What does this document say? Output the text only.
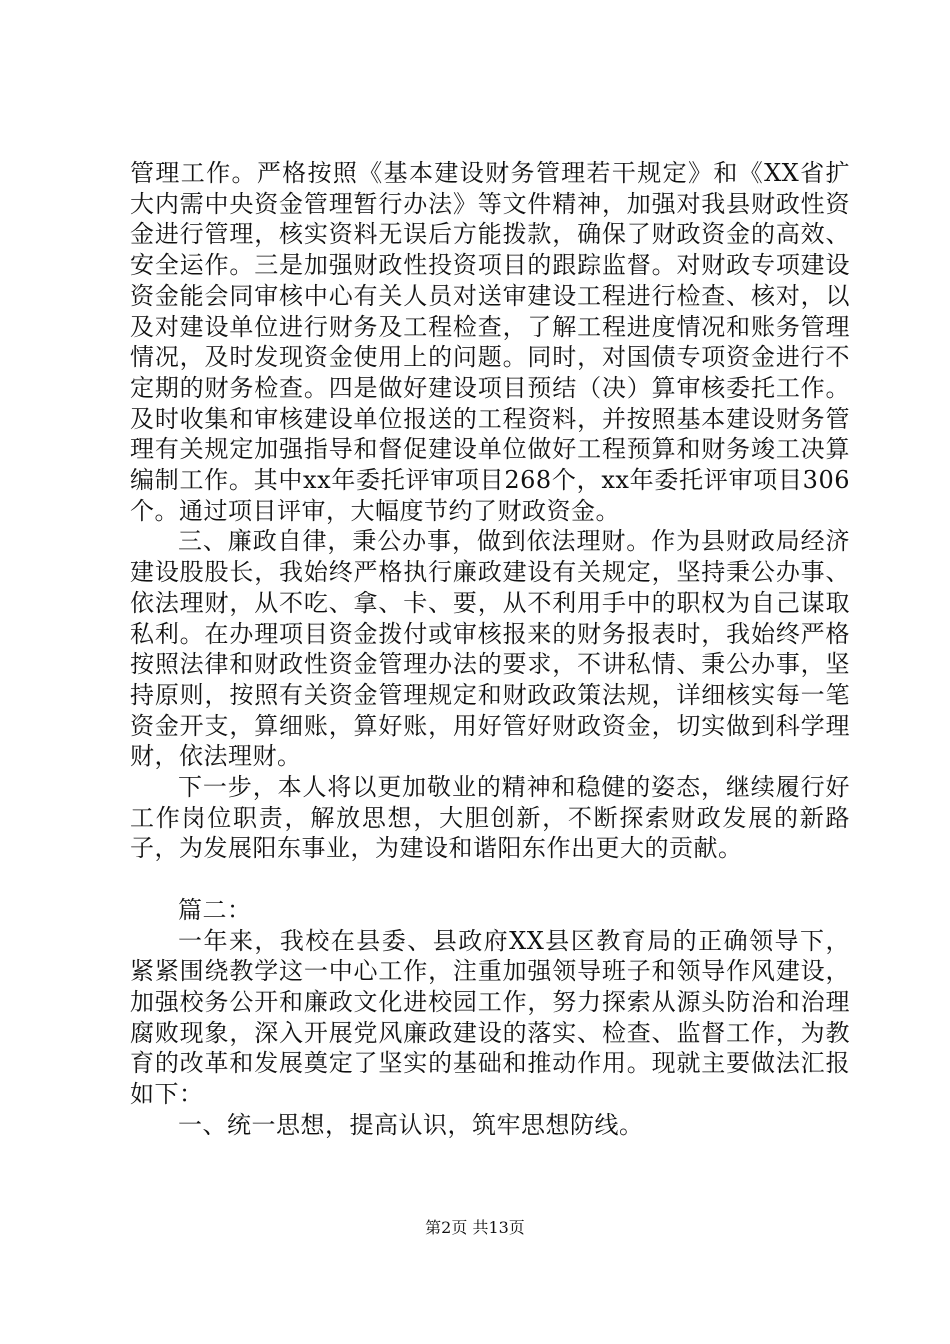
管理工作。严格按照《基本建设财务管理若干规定》和《XX省扩大内需中央资金管理暂行办法》等文件精神，加强对我县财政性资金进行管理，核实资料无误后方能拨款，确保了财政资金的高效、安全运作。三是加强财政性投资项目的跟踪监督。对财政专项建设资金能会同审核中心有关人员对送审建设工程进行检查、核对，以及对建设单位进行财务及工程检查，了解工程进度情况和账务管理情况，及时发现资金使用上的问题。同时，对国债专项资金进行不定期的财务检查。四是做好建设项目预结（决）算审核委托工作。及时收集和审核建设单位报送的工程资料，并按照基本建设财务管理有关规定加强指导和督促建设单位做好工程预算和财务竣工决算编制工作。其中xx年委托评审项目268个，xx年委托评审项目306个。通过项目评审，大幅度节约了财政资金。

三、廉政自律，秉公办事，做到依法理财。作为县财政局经济建设股股长，我始终严格执行廉政建设有关规定，坚持秉公办事、依法理财，从不吃、拿、卡、要，从不利用手中的职权为自己谋取私利。在办理项目资金拨付或审核报来的财务报表时，我始终严格按照法律和财政性资金管理办法的要求，不讲私情、秉公办事，坚持原则，按照有关资金管理规定和财政政策法规，详细核实每一笔资金开支，算细账，算好账，用好管好财政资金，切实做到科学理财，依法理财。

下一步，本人将以更加敬业的精神和稳健的姿态，继续履行好工作岗位职责，解放思想，大胆创新，不断探索财政发展的新路子，为发展阳东事业，为建设和谐阳东作出更大的贡献。

篇二：

一年来，我校在县委、县政府XX县区教育局的正确领导下，紧紧围绕教学这一中心工作，注重加强领导班子和领导作风建设，加强校务公开和廉政文化进校园工作，努力探索从源头防治和治理腐败现象，深入开展党风廉政建设的落实、检查、监督工作，为教育的改革和发展奠定了坚实的基础和推动作用。现就主要做法汇报如下：

一、统一思想，提高认识，筑牢思想防线。

第2页 共13页
